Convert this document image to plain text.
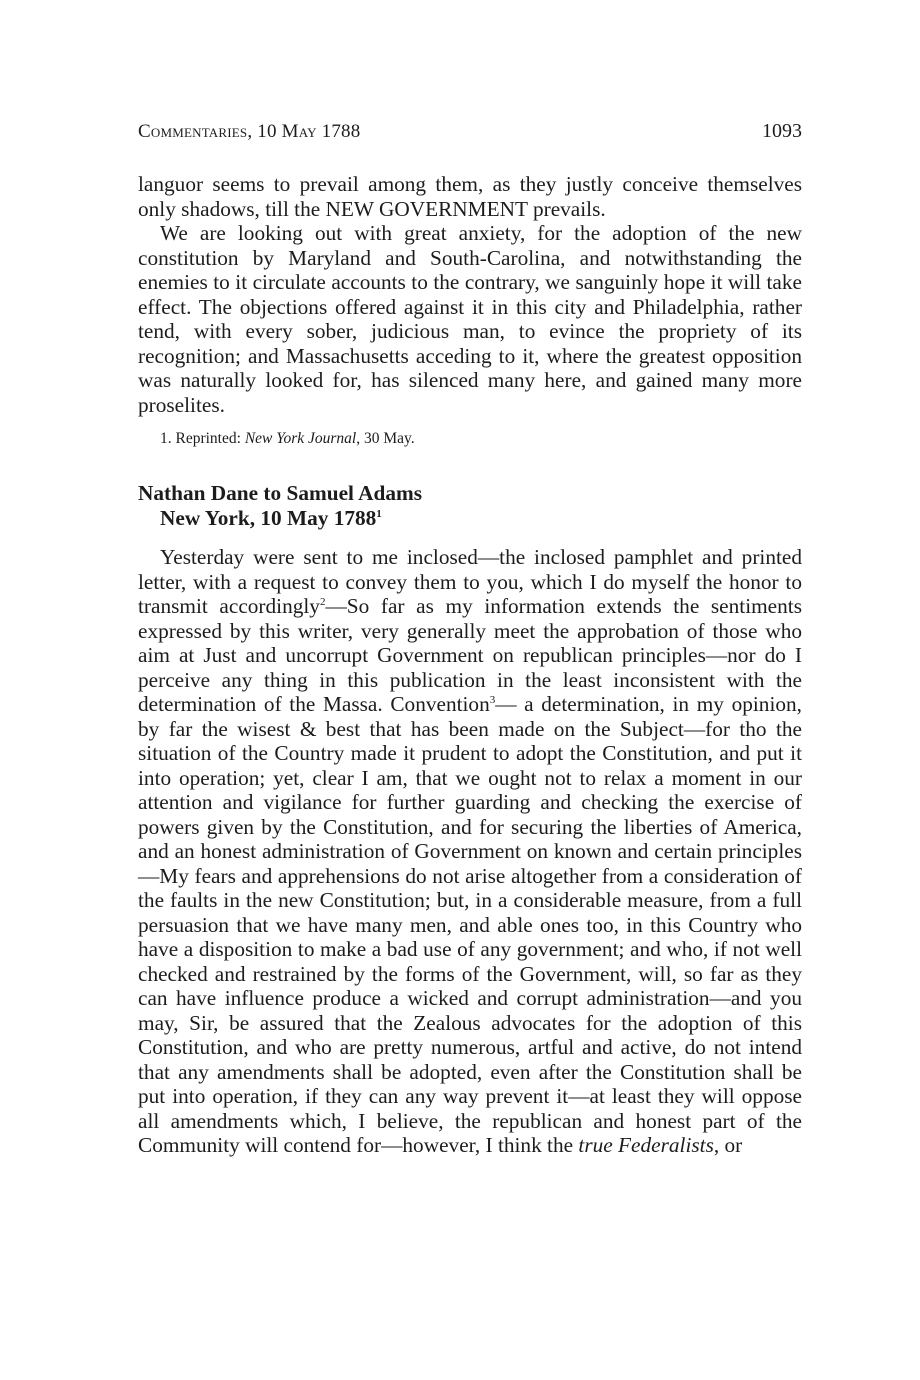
Commentaries, 10 May 1788	1093

languor seems to prevail among them, as they justly conceive themselves only shadows, till the NEW GOVERNMENT prevails.

We are looking out with great anxiety, for the adoption of the new constitution by Maryland and South-Carolina, and notwithstanding the enemies to it circulate accounts to the contrary, we sanguinly hope it will take effect. The objections offered against it in this city and Philadelphia, rather tend, with every sober, judicious man, to evince the propriety of its recognition; and Massachusetts acceding to it, where the greatest opposition was naturally looked for, has silenced many here, and gained many more proselites.

1. Reprinted: New York Journal, 30 May.
Nathan Dane to Samuel Adams
New York, 10 May 1788$^1$

Yesterday were sent to me inclosed—the inclosed pamphlet and printed letter, with a request to convey them to you, which I do myself the honor to transmit accordingly$^2$—So far as my information extends the sentiments expressed by this writer, very generally meet the approbation of those who aim at Just and uncorrupt Government on republican principles—nor do I perceive any thing in this publication in the least inconsistent with the determination of the Massa. Convention$^3$— a determination, in my opinion, by far the wisest & best that has been made on the Subject—for tho the situation of the Country made it prudent to adopt the Constitution, and put it into operation; yet, clear I am, that we ought not to relax a moment in our attention and vigilance for further guarding and checking the exercise of powers given by the Constitution, and for securing the liberties of America, and an honest administration of Government on known and certain principles—My fears and apprehensions do not arise altogether from a consideration of the faults in the new Constitution; but, in a considerable measure, from a full persuasion that we have many men, and able ones too, in this Country who have a disposition to make a bad use of any government; and who, if not well checked and restrained by the forms of the Government, will, so far as they can have influence produce a wicked and corrupt administration—and you may, Sir, be assured that the Zealous advocates for the adoption of this Constitution, and who are pretty numerous, artful and active, do not intend that any amendments shall be adopted, even after the Constitution shall be put into operation, if they can any way prevent it—at least they will oppose all amendments which, I believe, the republican and honest part of the Community will contend for—however, I think the true Federalists, or
